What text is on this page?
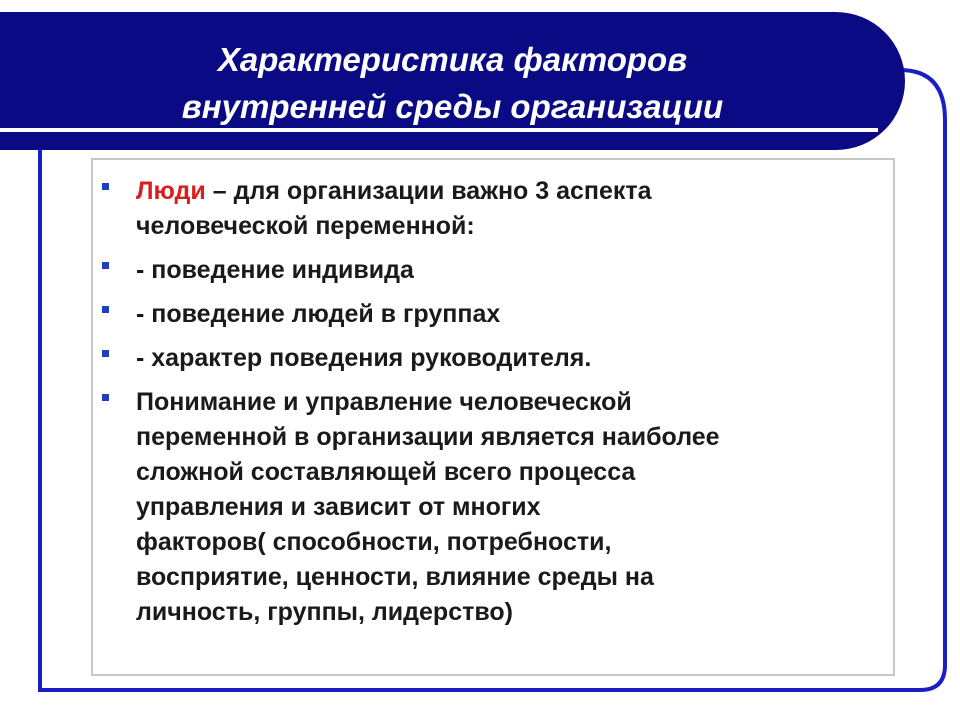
Характеристика факторов
внутренней среды организации
Люди – для организации важно 3 аспекта
человеческой переменной:
- поведение индивида
- поведение людей в группах
- характер поведения руководителя.
Понимание и управление человеческой
переменной в организации является наиболее
сложной составляющей всего процесса
управления и зависит от многих
факторов( способности, потребности,
восприятие, ценности, влияние среды на
личность, группы, лидерство)
